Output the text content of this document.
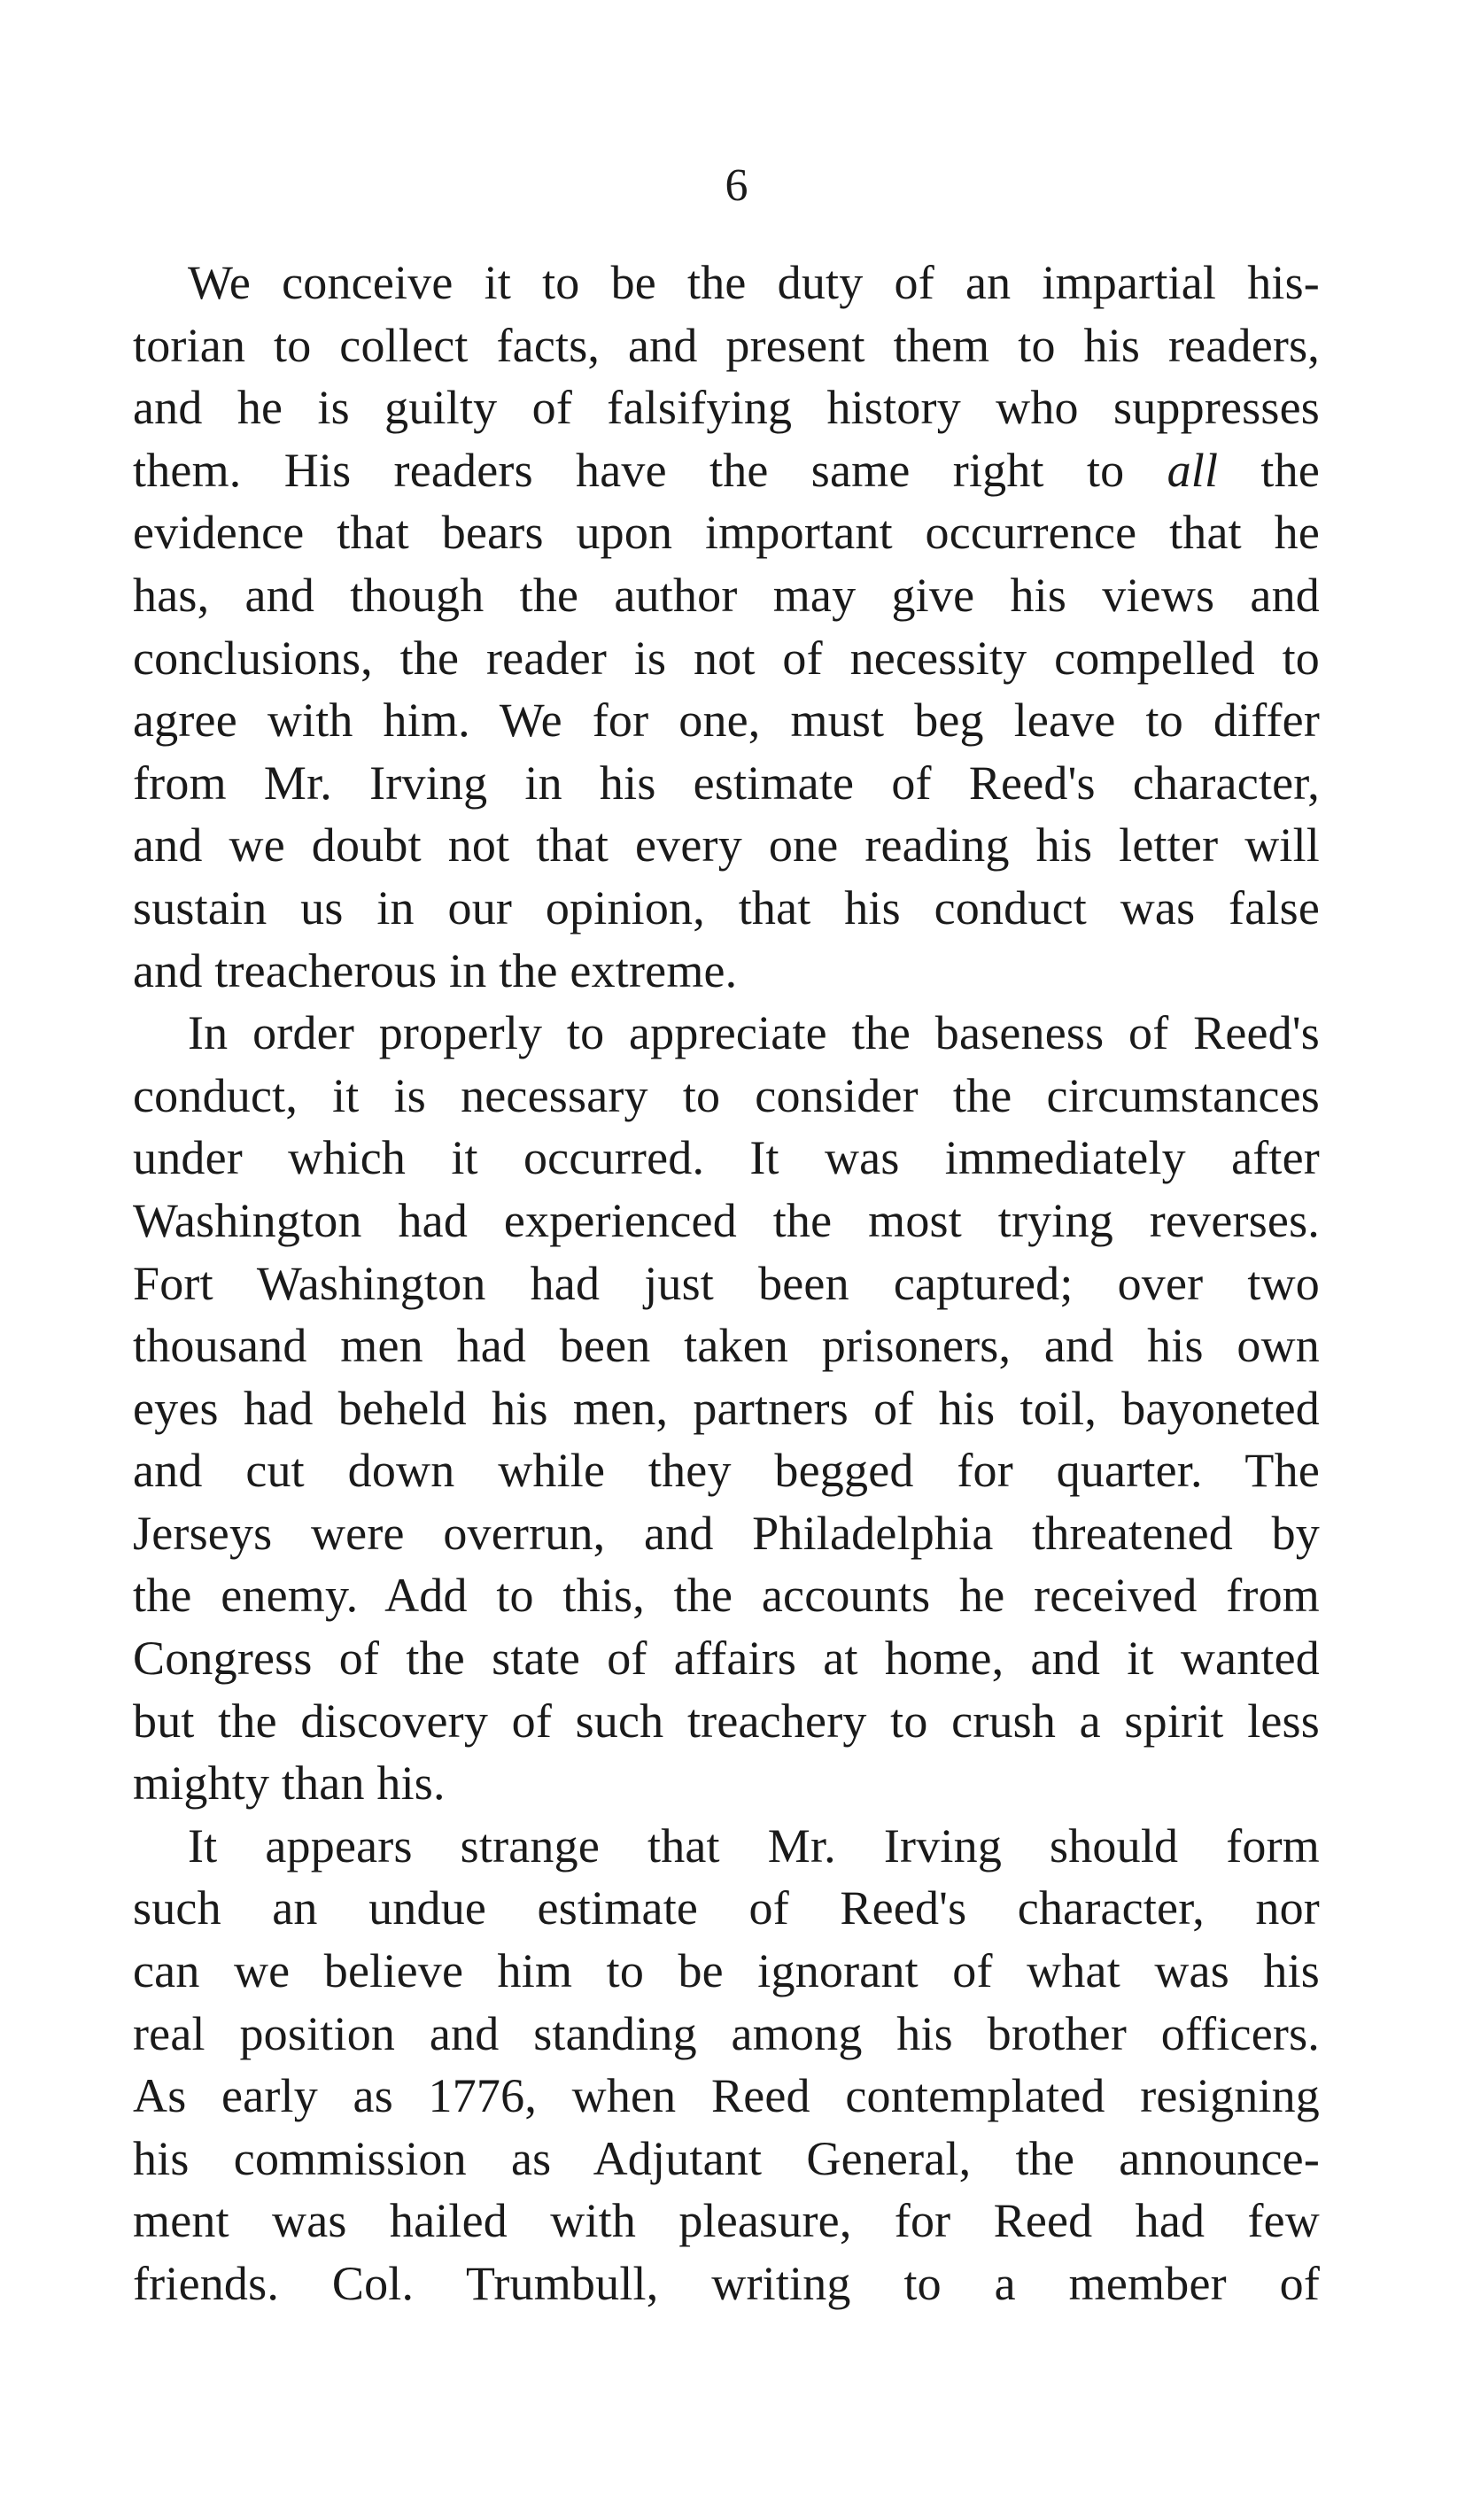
6
We conceive it to be the duty of an impartial his-
torian to collect facts, and present them to his readers,
and he is guilty of falsifying history who suppresses
them. His readers have the same right to all the
evidence that bears upon important occurrence that he
has, and though the author may give his views and
conclusions, the reader is not of necessity compelled to
agree with him. We for one, must beg leave to differ
from Mr. Irving in his estimate of Reed's character,
and we doubt not that every one reading his letter will
sustain us in our opinion, that his conduct was false
and treacherous in the extreme.
In order properly to appreciate the baseness of Reed's
conduct, it is necessary to consider the circumstances
under which it occurred. It was immediately after
Washington had experienced the most trying reverses.
Fort Washington had just been captured; over two
thousand men had been taken prisoners, and his own
eyes had beheld his men, partners of his toil, bayoneted
and cut down while they begged for quarter. The
Jerseys were overrun, and Philadelphia threatened by
the enemy. Add to this, the accounts he received from
Congress of the state of affairs at home, and it wanted
but the discovery of such treachery to crush a spirit less
mighty than his.
It appears strange that Mr. Irving should form
such an undue estimate of Reed's character, nor
can we believe him to be ignorant of what was his
real position and standing among his brother officers.
As early as 1776, when Reed contemplated resigning
his commission as Adjutant General, the announce-
ment was hailed with pleasure, for Reed had few
friends. Col. Trumbull, writing to a member of
